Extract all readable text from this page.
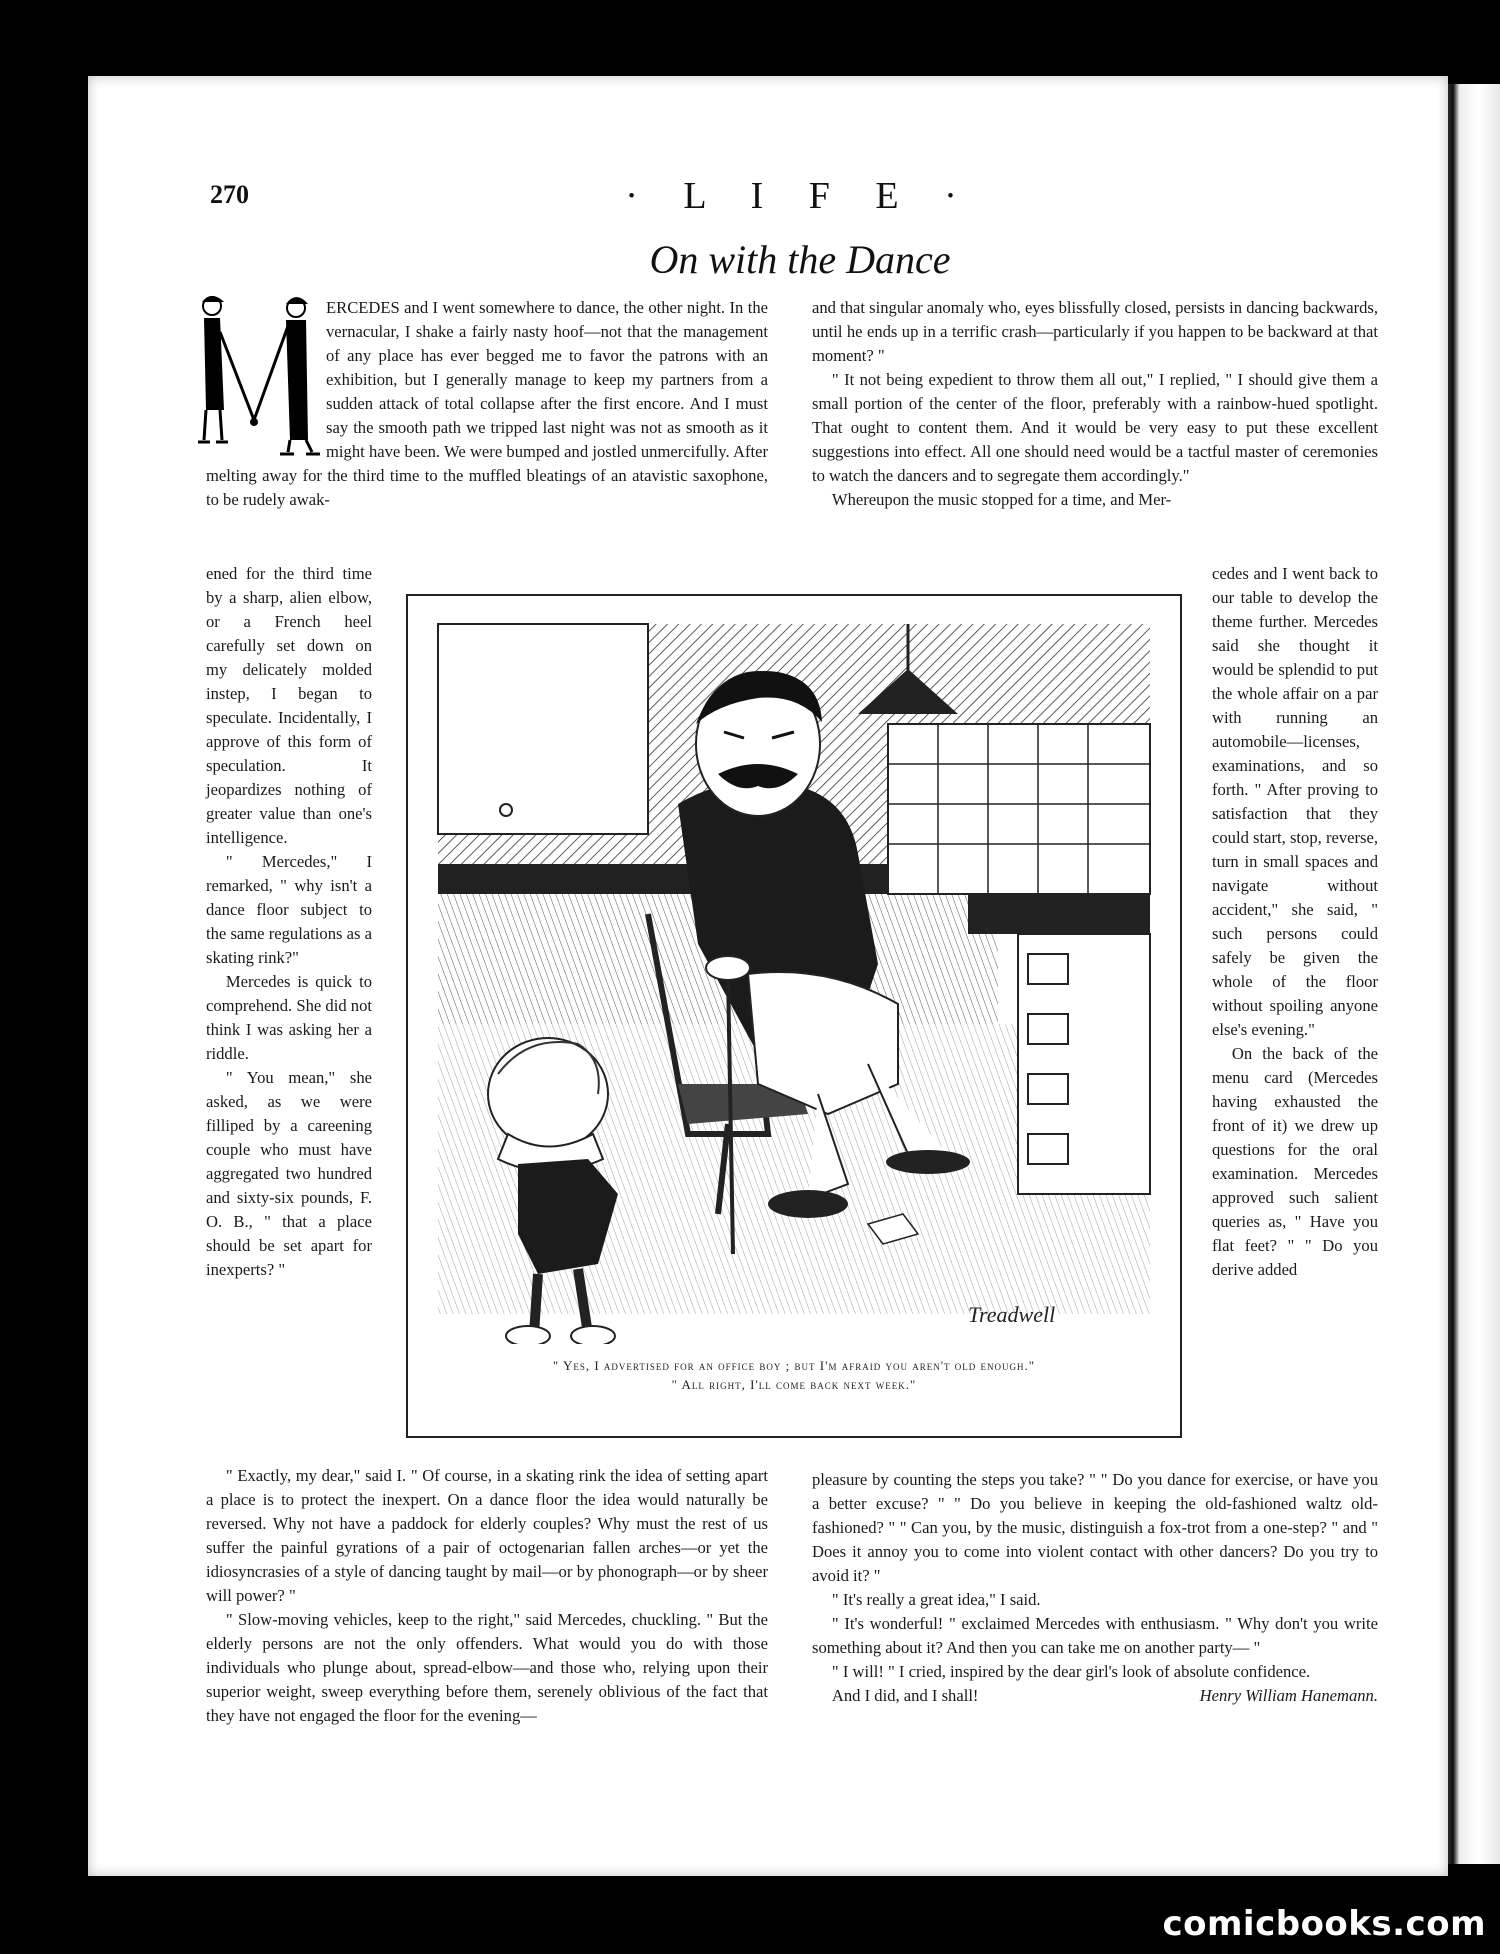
comicbooks.com
270	· L I F E ·
On with the Dance

ERCEDES and I went somewhere to dance, the other night. In the vernacular, I shake a fairly nasty hoof—not that the management of any place has ever begged me to favor the patrons with an exhibition, but I generally manage to keep my partners from a sudden attack of total collapse after the first encore. And I must say the smooth path we tripped last night was not as smooth as it might have been. We were bumped and jostled unmercifully. After melting away for the third time to the muffled bleatings of an atavistic saxophone, to be rudely awak-

ened for the third time by a sharp, alien elbow, or a French heel carefully set down on my delicately molded instep, I began to speculate. Incidentally, I approve of this form of speculation. It jeopardizes nothing of greater value than one's intelligence.

" Mercedes," I remarked, " why isn't a dance floor subject to the same regulations as a skating rink?"

Mercedes is quick to comprehend. She did not think I was asking her a riddle.

" You mean," she asked, as we were filliped by a careening couple who must have aggregated two hundred and sixty-six pounds, F. O. B., " that a place should be set apart for inexperts? "

" Exactly, my dear," said I. " Of course, in a skating rink the idea of setting apart a place is to protect the inexpert. On a dance floor the idea would naturally be reversed. Why not have a paddock for elderly couples? Why must the rest of us suffer the painful gyrations of a pair of octogenarian fallen arches—or yet the idiosyncrasies of a style of dancing taught by mail—or by phonograph—or by sheer will power? "

" Slow-moving vehicles, keep to the right," said Mercedes, chuckling. " But the elderly persons are not the only offenders. What would you do with those individuals who plunge about, spread-elbow—and those who, relying upon their superior weight, sweep everything before them, serenely oblivious of the fact that they have not engaged the floor for the evening—

and that singular anomaly who, eyes blissfully closed, persists in dancing backwards, until he ends up in a terrific crash—particularly if you happen to be backward at that moment? "

" It not being expedient to throw them all out," I replied, " I should give them a small portion of the center of the floor, preferably with a rainbow-hued spotlight. That ought to content them. And it would be very easy to put these excellent suggestions into effect. All one should need would be a tactful master of ceremonies to watch the dancers and to segregate them accordingly."

Whereupon the music stopped for a time, and Mer-

cedes and I went back to our table to develop the theme further. Mercedes said she thought it would be splendid to put the whole affair on a par with running an automobile—licenses, examinations, and so forth. " After proving to satisfaction that they could start, stop, reverse, turn in small spaces and navigate without accident," she said, " such persons could safely be given the whole of the floor without spoiling anyone else's evening."

On the back of the menu card (Mercedes having exhausted the front of it) we drew up questions for the oral examination. Mercedes approved such salient queries as, " Have you flat feet? " " Do you derive added

pleasure by counting the steps you take? " " Do you dance for exercise, or have you a better excuse? " " Do you believe in keeping the old-fashioned waltz old-fashioned? " " Can you, by the music, distinguish a fox-trot from a one-step? " and " Does it annoy you to come into violent contact with other dancers? Do you try to avoid it? "

" It's really a great idea," I said.

" It's wonderful! " exclaimed Mercedes with enthusiasm. " Why don't you write something about it? And then you can take me on another party— "

" I will! " I cried, inspired by the dear girl's look of absolute confidence.

And I did, and I shall!	Henry William Hanemann.

Treadwell
" Yes, I advertised for an office boy ; but I'm afraid you aren't old enough."
" All right, I'll come back next week."
